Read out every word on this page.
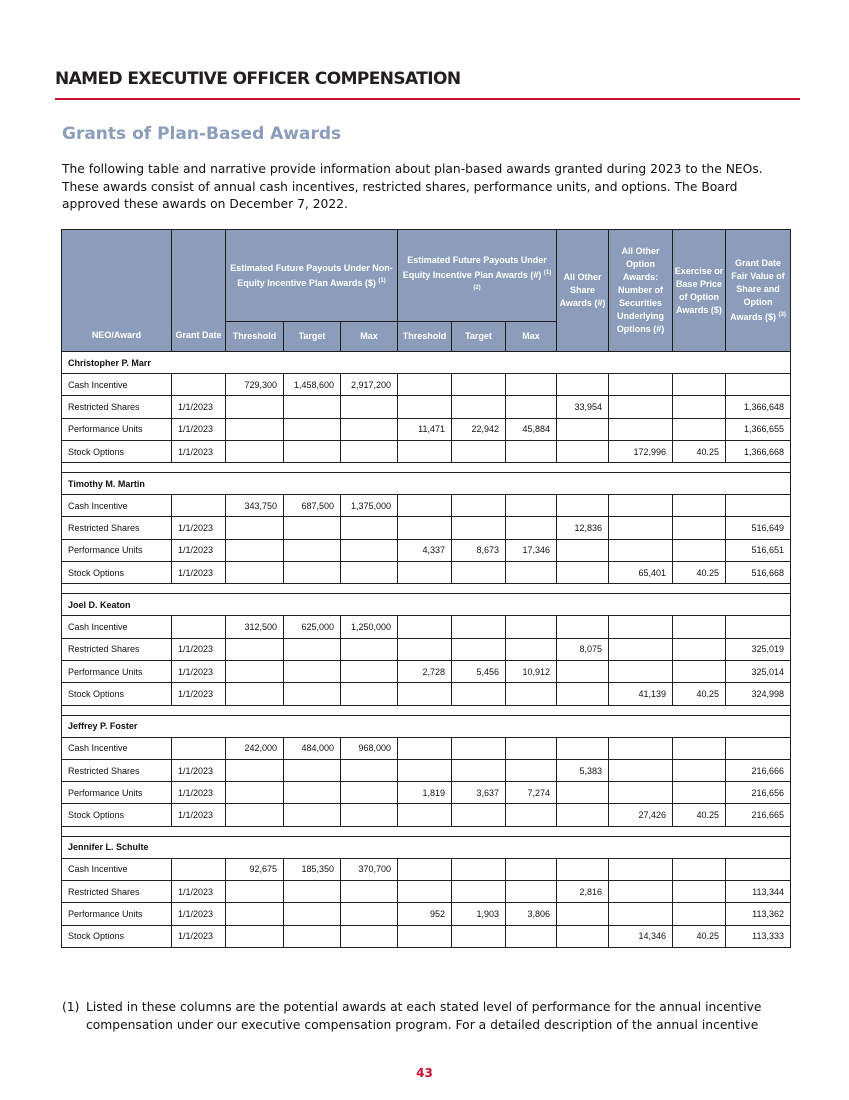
NAMED EXECUTIVE OFFICER COMPENSATION
Grants of Plan-Based Awards

The following table and narrative provide information about plan-based awards granted during 2023 to the NEOs. These awards consist of annual cash incentives, restricted shares, performance units, and options. The Board approved these awards on December 7, 2022.

NEO/Award	Grant Date	Estimated Future Payouts Under Non-Equity Incentive Plan Awards ($) $^{(1)}$			Estimated Future Payouts Under Equity Incentive Plan Awards (#) $^{(1) (2)}$			All Other Share Awards (#)	All Other Option Awards: Number of Securities Underlying Options (#)	Exercise or Base Price of Option Awards ($)	Grant Date Fair Value of Share and Option Awards ($) $^{(3)}$
		Threshold	Target	Max	Threshold	Target	Max				
Christopher P. Marr											
Cash Incentive		729,300	1,458,600	2,917,200							
Restricted Shares	1/1/2023							33,954			1,366,648
Performance Units	1/1/2023				11,471	22,942	45,884				1,366,655
Stock Options	1/1/2023								172,996	40.25	1,366,668

Timothy M. Martin											
Cash Incentive		343,750	687,500	1,375,000							
Restricted Shares	1/1/2023							12,836			516,649
Performance Units	1/1/2023				4,337	8,673	17,346				516,651
Stock Options	1/1/2023								65,401	40.25	516,668

Joel D. Keaton											
Cash Incentive		312,500	625,000	1,250,000							
Restricted Shares	1/1/2023							8,075			325,019
Performance Units	1/1/2023				2,728	5,456	10,912				325,014
Stock Options	1/1/2023								41,139	40.25	324,998

Jeffrey P. Foster											
Cash Incentive		242,000	484,000	968,000							
Restricted Shares	1/1/2023							5,383			216,666
Performance Units	1/1/2023				1,819	3,637	7,274				216,656
Stock Options	1/1/2023								27,426	40.25	216,665

Jennifer L. Schulte											
Cash Incentive		92,675	185,350	370,700							
Restricted Shares	1/1/2023							2,816			113,344
Performance Units	1/1/2023				952	1,903	3,806				113,362
Stock Options	1/1/2023								14,346	40.25	113,333
(1) Listed in these columns are the potential awards at each stated level of performance for the annual incentive compensation under our executive compensation program. For a detailed description of the annual incentive
43
